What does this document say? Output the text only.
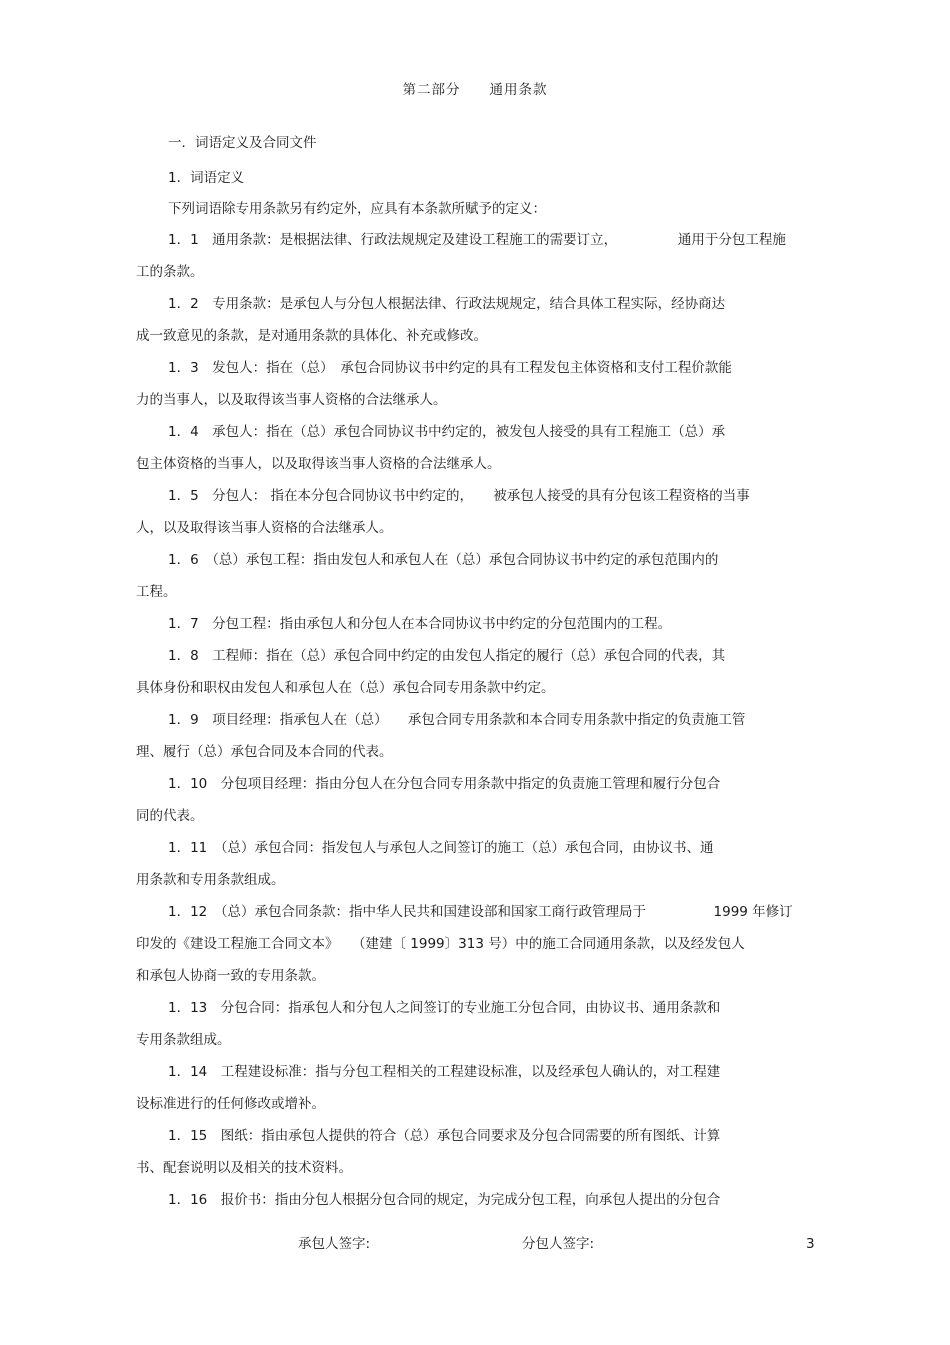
第二部分　　通用条款
一．词语定义及合同文件
1．词语定义
下列词语除专用条款另有约定外，应具有本条款所赋予的定义：
1．1　通用条款：是根据法律、行政法规规定及建设工程施工的需要订立，　　　　　通用于分包工程施
工的条款。
1．2　专用条款：是承包人与分包人根据法律、行政法规规定，结合具体工程实际，经协商达
成一致意见的条款，是对通用条款的具体化、补充或修改。
1．3　发包人：指在（总）　承包合同协议书中约定的具有工程发包主体资格和支付工程价款能
力的当事人，以及取得该当事人资格的合法继承人。
1．4　承包人：指在（总）承包合同协议书中约定的，被发包人接受的具有工程施工（总）承
包主体资格的当事人，以及取得该当事人资格的合法继承人。
1．5　分包人： 指在本分包合同协议书中约定的，　　被承包人接受的具有分包该工程资格的当事
人，以及取得该当事人资格的合法继承人。
1．6　（总）承包工程：指由发包人和承包人在（总）承包合同协议书中约定的承包范围内的
工程。
1．7　分包工程：指由承包人和分包人在本合同协议书中约定的分包范围内的工程。
1．8　工程师：指在（总）承包合同中约定的由发包人指定的履行（总）承包合同的代表，其
具体身份和职权由发包人和承包人在（总）承包合同专用条款中约定。
1．9　项目经理：指承包人在（总）　　承包合同专用条款和本合同专用条款中指定的负责施工管
理、履行（总）承包合同及本合同的代表。
1．10　分包项目经理：指由分包人在分包合同专用条款中指定的负责施工管理和履行分包合
同的代表。
1．11　（总）承包合同：指发包人与承包人之间签订的施工（总）承包合同，由协议书、通
用条款和专用条款组成。
1．12　（总）承包合同条款：指中华人民共和国建设部和国家工商行政管理局于　　　　　1999 年修订
印发的《建设工程施工合同文本》　　（建建〔 1999〕313 号）中的施工合同通用条款，以及经发包人
和承包人协商一致的专用条款。
1．13　分包合同：指承包人和分包人之间签订的专业施工分包合同，由协议书、通用条款和
专用条款组成。
1．14　工程建设标准：指与分包工程相关的工程建设标准，以及经承包人确认的，对工程建
设标准进行的任何修改或增补。
1．15　图纸：指由承包人提供的符合（总）承包合同要求及分包合同需要的所有图纸、计算
书、配套说明以及相关的技术资料。
1．16　报价书：指由分包人根据分包合同的规定，为完成分包工程，向承包人提出的分包合
承包人签字:	分包人签字:	3
